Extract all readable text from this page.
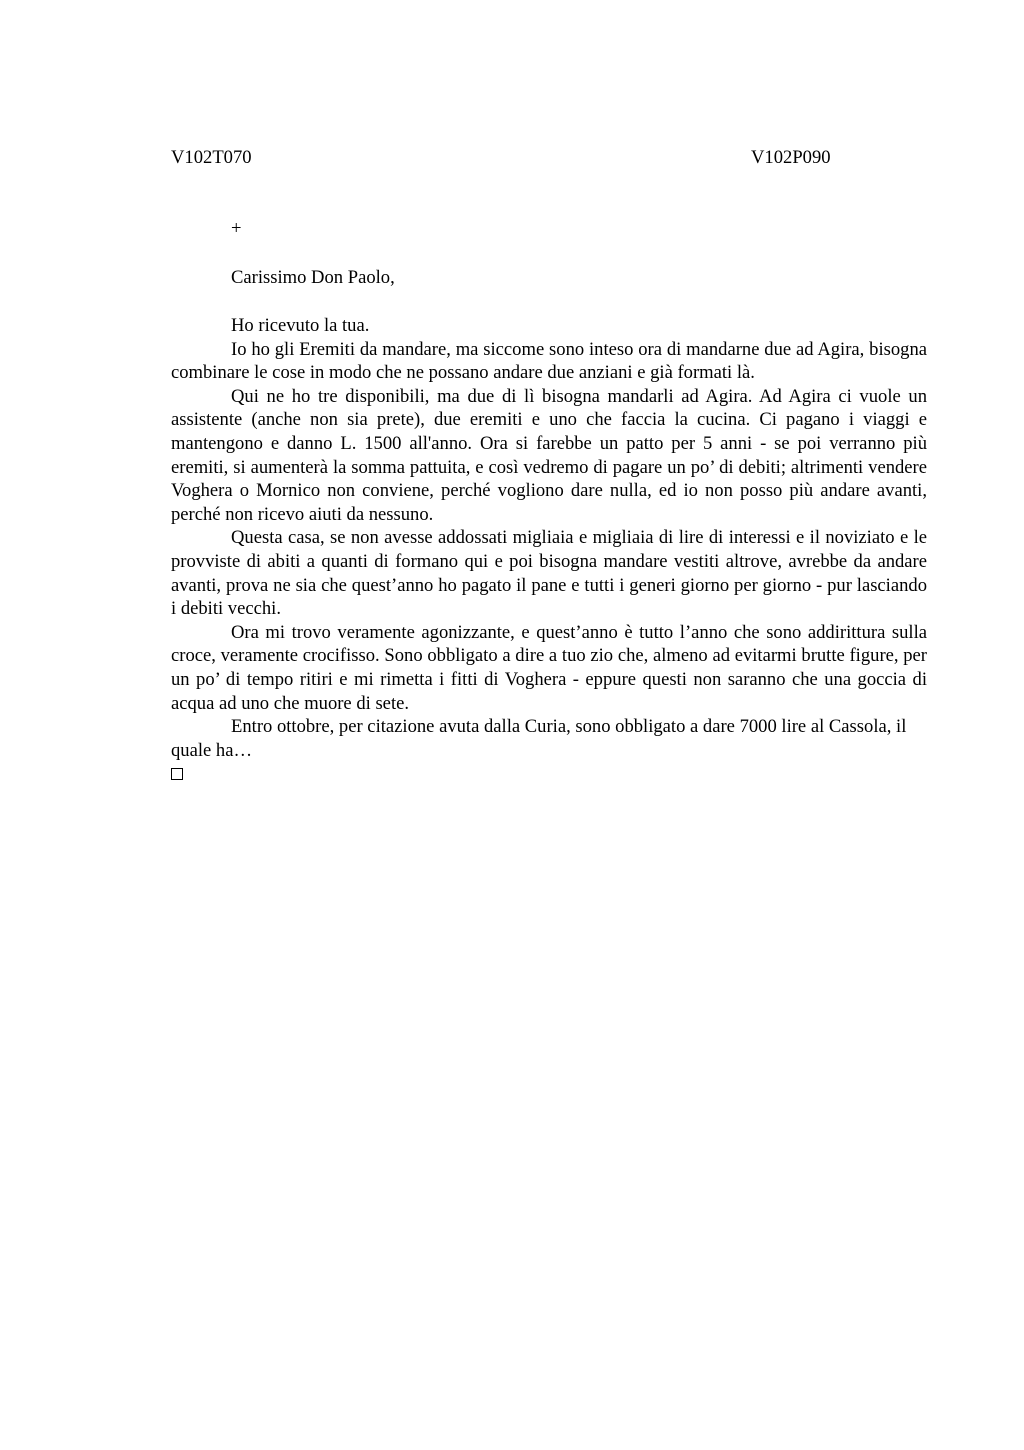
V102T070	V102P090
+
Carissimo Don Paolo,

Ho ricevuto la tua.

Io ho gli Eremiti da mandare, ma siccome sono inteso ora di mandarne due ad Agira, bisogna combinare le cose in modo che ne possano andare due anziani e già formati là.

Qui ne ho tre disponibili, ma due di lì bisogna mandarli ad Agira. Ad Agira ci vuole un assistente (anche non sia prete), due eremiti e uno che faccia la cucina. Ci pagano i viaggi e mantengono e danno L. 1500 all'anno. Ora si farebbe un patto per 5 anni - se poi verranno più eremiti, si aumenterà la somma pattuita, e così vedremo di pagare un po’ di debiti; altrimenti vendere Voghera o Mornico non conviene, perché vogliono dare nulla, ed io non posso più andare avanti, perché non ricevo aiuti da nessuno.

Questa casa, se non avesse addossati migliaia e migliaia di lire di interessi e il noviziato e le provviste di abiti a quanti di formano qui e poi bisogna mandare vestiti altrove, avrebbe da andare avanti, prova ne sia che quest’anno ho pagato il pane e tutti i generi giorno per giorno - pur lasciando i debiti vecchi.

Ora mi trovo veramente agonizzante, e quest’anno è tutto l’anno che sono addirittura sulla croce, veramente crocifisso. Sono obbligato a dire a tuo zio che, almeno ad evitarmi brutte figure, per un po’ di tempo ritiri e mi rimetta i fitti di Voghera - eppure questi non saranno che una goccia di acqua ad uno che muore di sete.

Entro ottobre, per citazione avuta dalla Curia, sono obbligato a dare 7000 lire al Cassola, il quale ha…
